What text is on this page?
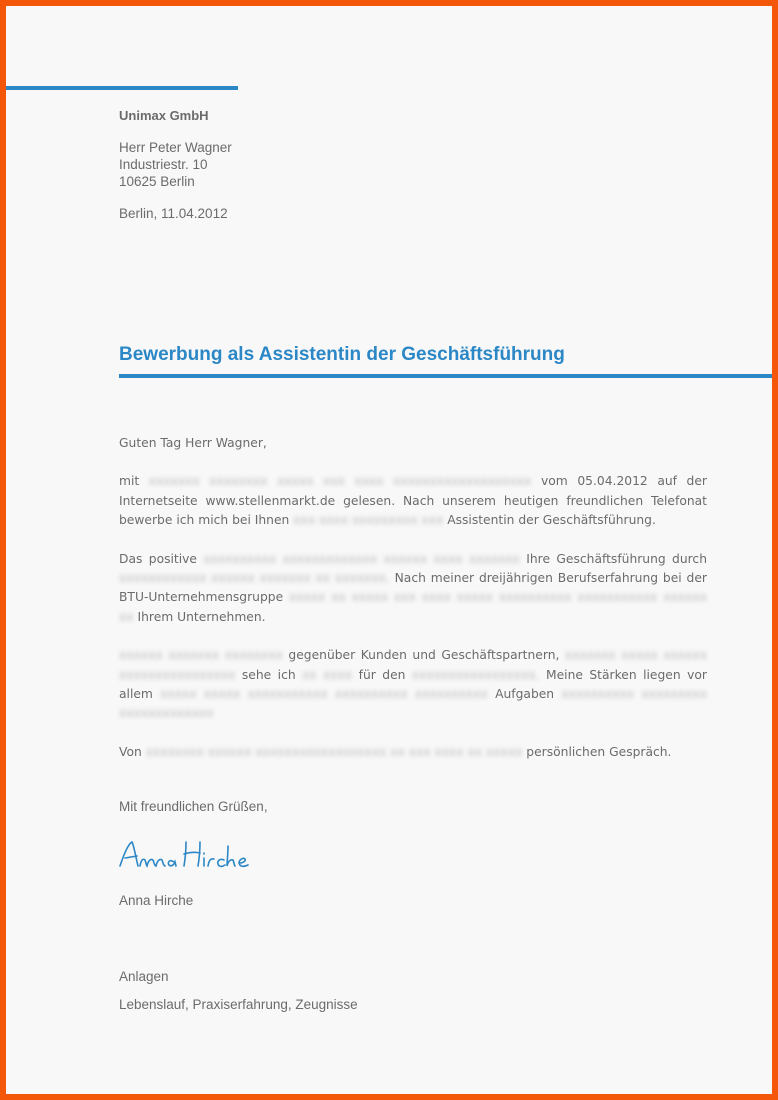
Unimax GmbH
Herr Peter Wagner
Industriestr. 10
10625 Berlin
Berlin, 11.04.2012
Bewerbung als Assistentin der Geschäftsführung

Guten Tag Herr Wagner,

mit xxxxxxx xxxxxxxx xxxxx xxx xxxx xxxxxxxxxxxxxxxxxxx vom 05.04.2012 auf der Internetseite www.stellenmarkt.de gelesen. Nach unserem heutigen freundlichen Telefonat bewerbe ich mich bei Ihnen xxx xxxx xxxxxxxxx xxx Assistentin der Geschäftsführung.

Das positive xxxxxxxxxx xxxxxxxxxxxxx xxxxxx xxxx xxxxxxx Ihre Geschäftsführung durch xxxxxxxxxxxx xxxxxx xxxxxxx xx xxxxxxx. Nach meiner dreijährigen Berufserfahrung bei der BTU-Unternehmensgruppe xxxxx xx xxxxx xxx xxxx xxxxx xxxxxxxxxx xxxxxxxxxxx xxxxxx xx Ihrem Unternehmen.

xxxxxx xxxxxxx xxxxxxxx gegenüber Kunden und Geschäftspartnern, xxxxxxx xxxxx xxxxxx xxxxxxxxxxxxxxxx sehe ich xx xxxx für den xxxxxxxxxxxxxxxxx. Meine Stärken liegen vor allem xxxxx xxxxx xxxxxxxxxxx xxxxxxxxxx xxxxxxxxxx Aufgaben xxxxxxxxxx xxxxxxxxx xxxxxxxxxxxxx

Von xxxxxxxx xxxxxx xxxxxxxxxxxxxxxxxx xx xxx xxxx xx xxxxx persönlichen Gespräch.

Mit freundlichen Grüßen,
Anna Hirche
Anlagen
Lebenslauf, Praxiserfahrung, Zeugnisse
